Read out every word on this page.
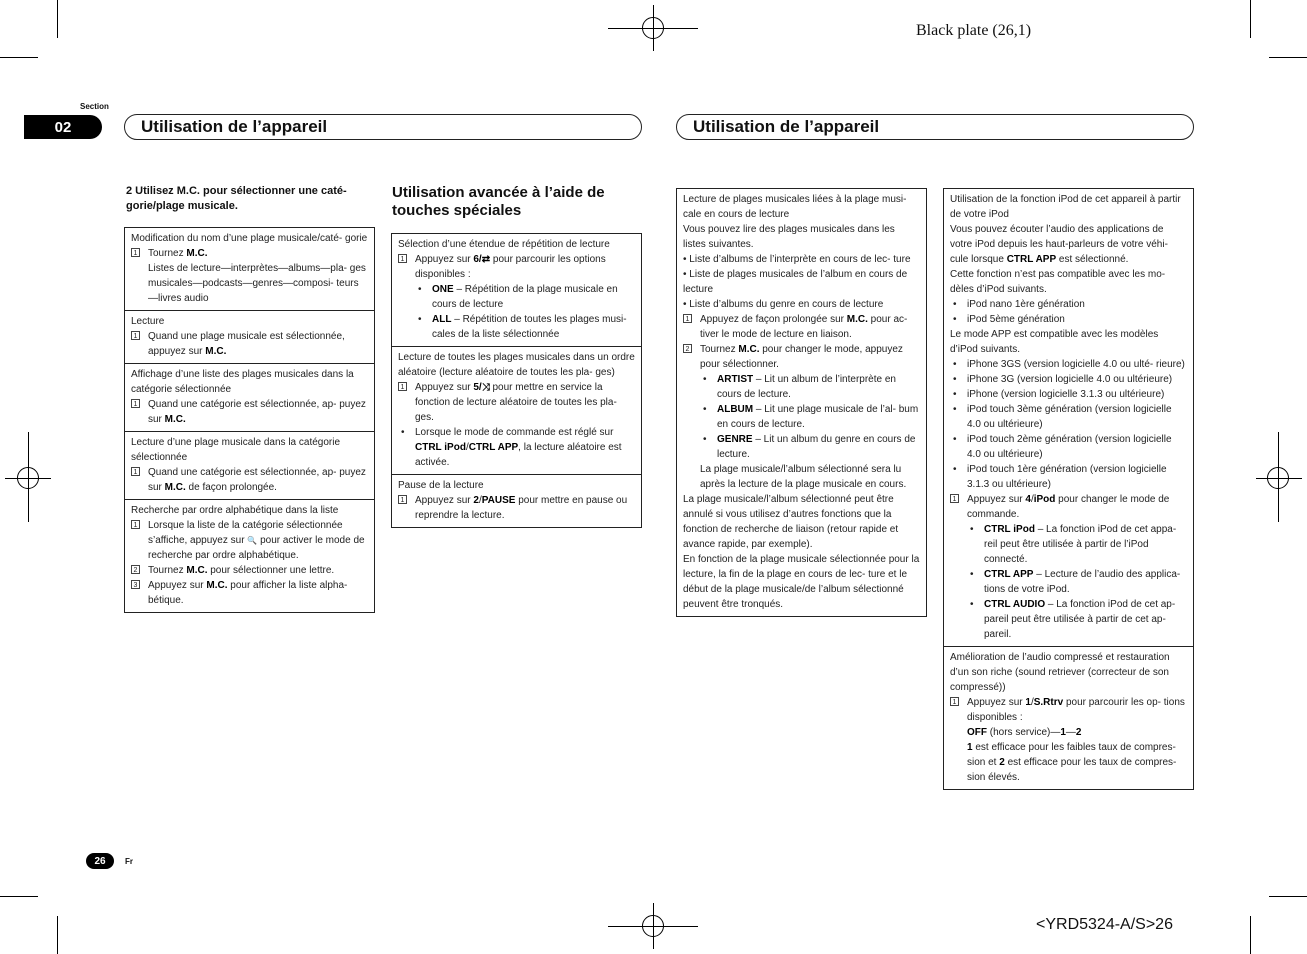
Black plate (26,1)
<YRD5324-A/S>26
Section
02	Utilisation de l’appareil	Utilisation de l’appareil
2 Utilisez M.C. pour sélectionner une caté- gorie/plage musicale.
Modification du nom d’une plage musicale/caté- gorie
1 Tournez M.C.
Listes de lecture—interprètes—albums—pla- ges musicales—podcasts—genres—composi- teurs—livres audio
Lecture
1 Quand une plage musicale est sélectionnée, appuyez sur M.C.
Affichage d’une liste des plages musicales dans la catégorie sélectionnée
1 Quand une catégorie est sélectionnée, ap- puyez sur M.C.
Lecture d’une plage musicale dans la catégorie sélectionnée
1 Quand une catégorie est sélectionnée, ap- puyez sur M.C. de façon prolongée.
Recherche par ordre alphabétique dans la liste
1 Lorsque la liste de la catégorie sélectionnée s’affiche, appuyez sur 🔍 pour activer le mode de recherche par ordre alphabétique.
2 Tournez M.C. pour sélectionner une lettre.
3 Appuyez sur M.C. pour afficher la liste alpha- bétique.
Utilisation avancée à l’aide de touches spéciales
Sélection d’une étendue de répétition de lecture
1 Appuyez sur 6/⇄ pour parcourir les options disponibles :
• ONE – Répétition de la plage musicale en cours de lecture
• ALL – Répétition de toutes les plages musi- cales de la liste sélectionnée
Lecture de toutes les plages musicales dans un ordre aléatoire (lecture aléatoire de toutes les pla- ges)
1 Appuyez sur 5/⤨ pour mettre en service la fonction de lecture aléatoire de toutes les pla- ges.
• Lorsque le mode de commande est réglé sur CTRL iPod/CTRL APP, la lecture aléatoire est activée.
Pause de la lecture
1 Appuyez sur 2/PAUSE pour mettre en pause ou reprendre la lecture.
Lecture de plages musicales liées à la plage musi- cale en cours de lecture
Vous pouvez lire des plages musicales dans les listes suivantes.
• Liste d’albums de l’interprète en cours de lec- ture
• Liste de plages musicales de l’album en cours de lecture
• Liste d’albums du genre en cours de lecture
1 Appuyez de façon prolongée sur M.C. pour ac- tiver le mode de lecture en liaison.
2 Tournez M.C. pour changer le mode, appuyez pour sélectionner.
• ARTIST – Lit un album de l’interprète en cours de lecture.
• ALBUM – Lit une plage musicale de l’al- bum en cours de lecture.
• GENRE – Lit un album du genre en cours de lecture.
La plage musicale/l’album sélectionné sera lu après la lecture de la plage musicale en cours.
La plage musicale/l’album sélectionné peut être annulé si vous utilisez d’autres fonctions que la fonction de recherche de liaison (retour rapide et avance rapide, par exemple).
En fonction de la plage musicale sélectionnée pour la lecture, la fin de la plage en cours de lec- ture et le début de la plage musicale/de l’album sélectionné peuvent être tronqués.
Utilisation de la fonction iPod de cet appareil à partir de votre iPod
Vous pouvez écouter l’audio des applications de votre iPod depuis les haut-parleurs de votre véhi- cule lorsque CTRL APP est sélectionné.
Cette fonction n’est pas compatible avec les mo- dèles d’iPod suivants.
• iPod nano 1ère génération
• iPod 5ème génération
Le mode APP est compatible avec les modèles d’iPod suivants.
• iPhone 3GS (version logicielle 4.0 ou ulté- rieure)
• iPhone 3G (version logicielle 4.0 ou ultérieure)
• iPhone (version logicielle 3.1.3 ou ultérieure)
• iPod touch 3ème génération (version logicielle 4.0 ou ultérieure)
• iPod touch 2ème génération (version logicielle 4.0 ou ultérieure)
• iPod touch 1ère génération (version logicielle 3.1.3 ou ultérieure)
1 Appuyez sur 4/iPod pour changer le mode de commande.
• CTRL iPod – La fonction iPod de cet appa- reil peut être utilisée à partir de l’iPod connecté.
• CTRL APP – Lecture de l’audio des applica- tions de votre iPod.
• CTRL AUDIO – La fonction iPod de cet ap- pareil peut être utilisée à partir de cet ap- pareil.
Amélioration de l’audio compressé et restauration d’un son riche (sound retriever (correcteur de son compressé))
1 Appuyez sur 1/S.Rtrv pour parcourir les op- tions disponibles :
OFF (hors service)—1—2
1 est efficace pour les faibles taux de compres- sion et 2 est efficace pour les taux de compres- sion élevés.
26	Fr
